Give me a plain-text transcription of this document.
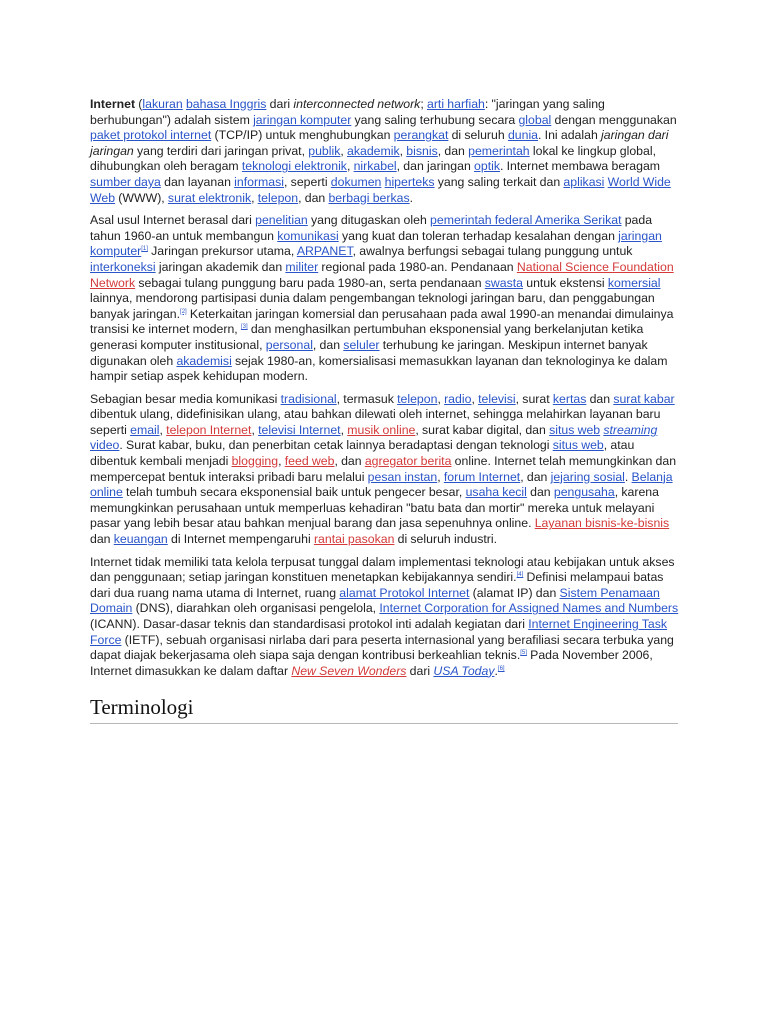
Internet (lakuran bahasa Inggris dari interconnected network; arti harfiah: "jaringan yang saling berhubungan") adalah sistem jaringan komputer yang saling terhubung secara global dengan menggunakan paket protokol internet (TCP/IP) untuk menghubungkan perangkat di seluruh dunia. Ini adalah jaringan dari jaringan yang terdiri dari jaringan privat, publik, akademik, bisnis, dan pemerintah lokal ke lingkup global, dihubungkan oleh beragam teknologi elektronik, nirkabel, dan jaringan optik. Internet membawa beragam sumber daya dan layanan informasi, seperti dokumen hiperteks yang saling terkait dan aplikasi World Wide Web (WWW), surat elektronik, telepon, dan berbagi berkas.

Asal usul Internet berasal dari penelitian yang ditugaskan oleh pemerintah federal Amerika Serikat pada tahun 1960-an untuk membangun komunikasi yang kuat dan toleran terhadap kesalahan dengan jaringan komputer[1] Jaringan prekursor utama, ARPANET, awalnya berfungsi sebagai tulang punggung untuk interkoneksi jaringan akademik dan militer regional pada 1980-an. Pendanaan National Science Foundation Network sebagai tulang punggung baru pada 1980-an, serta pendanaan swasta untuk ekstensi komersial lainnya, mendorong partisipasi dunia dalam pengembangan teknologi jaringan baru, dan penggabungan banyak jaringan.[2] Keterkaitan jaringan komersial dan perusahaan pada awal 1990-an menandai dimulainya transisi ke internet modern, [3] dan menghasilkan pertumbuhan eksponensial yang berkelanjutan ketika generasi komputer institusional, personal, dan seluler terhubung ke jaringan. Meskipun internet banyak digunakan oleh akademisi sejak 1980-an, komersialisasi memasukkan layanan dan teknologinya ke dalam hampir setiap aspek kehidupan modern.

Sebagian besar media komunikasi tradisional, termasuk telepon, radio, televisi, surat kertas dan surat kabar dibentuk ulang, didefinisikan ulang, atau bahkan dilewati oleh internet, sehingga melahirkan layanan baru seperti email, telepon Internet, televisi Internet, musik online, surat kabar digital, dan situs web streaming video. Surat kabar, buku, dan penerbitan cetak lainnya beradaptasi dengan teknologi situs web, atau dibentuk kembali menjadi blogging, feed web, dan agregator berita online. Internet telah memungkinkan dan mempercepat bentuk interaksi pribadi baru melalui pesan instan, forum Internet, dan jejaring sosial. Belanja online telah tumbuh secara eksponensial baik untuk pengecer besar, usaha kecil dan pengusaha, karena memungkinkan perusahaan untuk memperluas kehadiran "batu bata dan mortir" mereka untuk melayani pasar yang lebih besar atau bahkan menjual barang dan jasa sepenuhnya online. Layanan bisnis-ke-bisnis dan keuangan di Internet mempengaruhi rantai pasokan di seluruh industri.

Internet tidak memiliki tata kelola terpusat tunggal dalam implementasi teknologi atau kebijakan untuk akses dan penggunaan; setiap jaringan konstituen menetapkan kebijakannya sendiri.[4] Definisi melampaui batas dari dua ruang nama utama di Internet, ruang alamat Protokol Internet (alamat IP) dan Sistem Penamaan Domain (DNS), diarahkan oleh organisasi pengelola, Internet Corporation for Assigned Names and Numbers (ICANN). Dasar-dasar teknis dan standardisasi protokol inti adalah kegiatan dari Internet Engineering Task Force (IETF), sebuah organisasi nirlaba dari para peserta internasional yang berafiliasi secara terbuka yang dapat diajak bekerjasama oleh siapa saja dengan kontribusi berkeahlian teknis.[5] Pada November 2006, Internet dimasukkan ke dalam daftar New Seven Wonders dari USA Today.[6]

Terminologi
